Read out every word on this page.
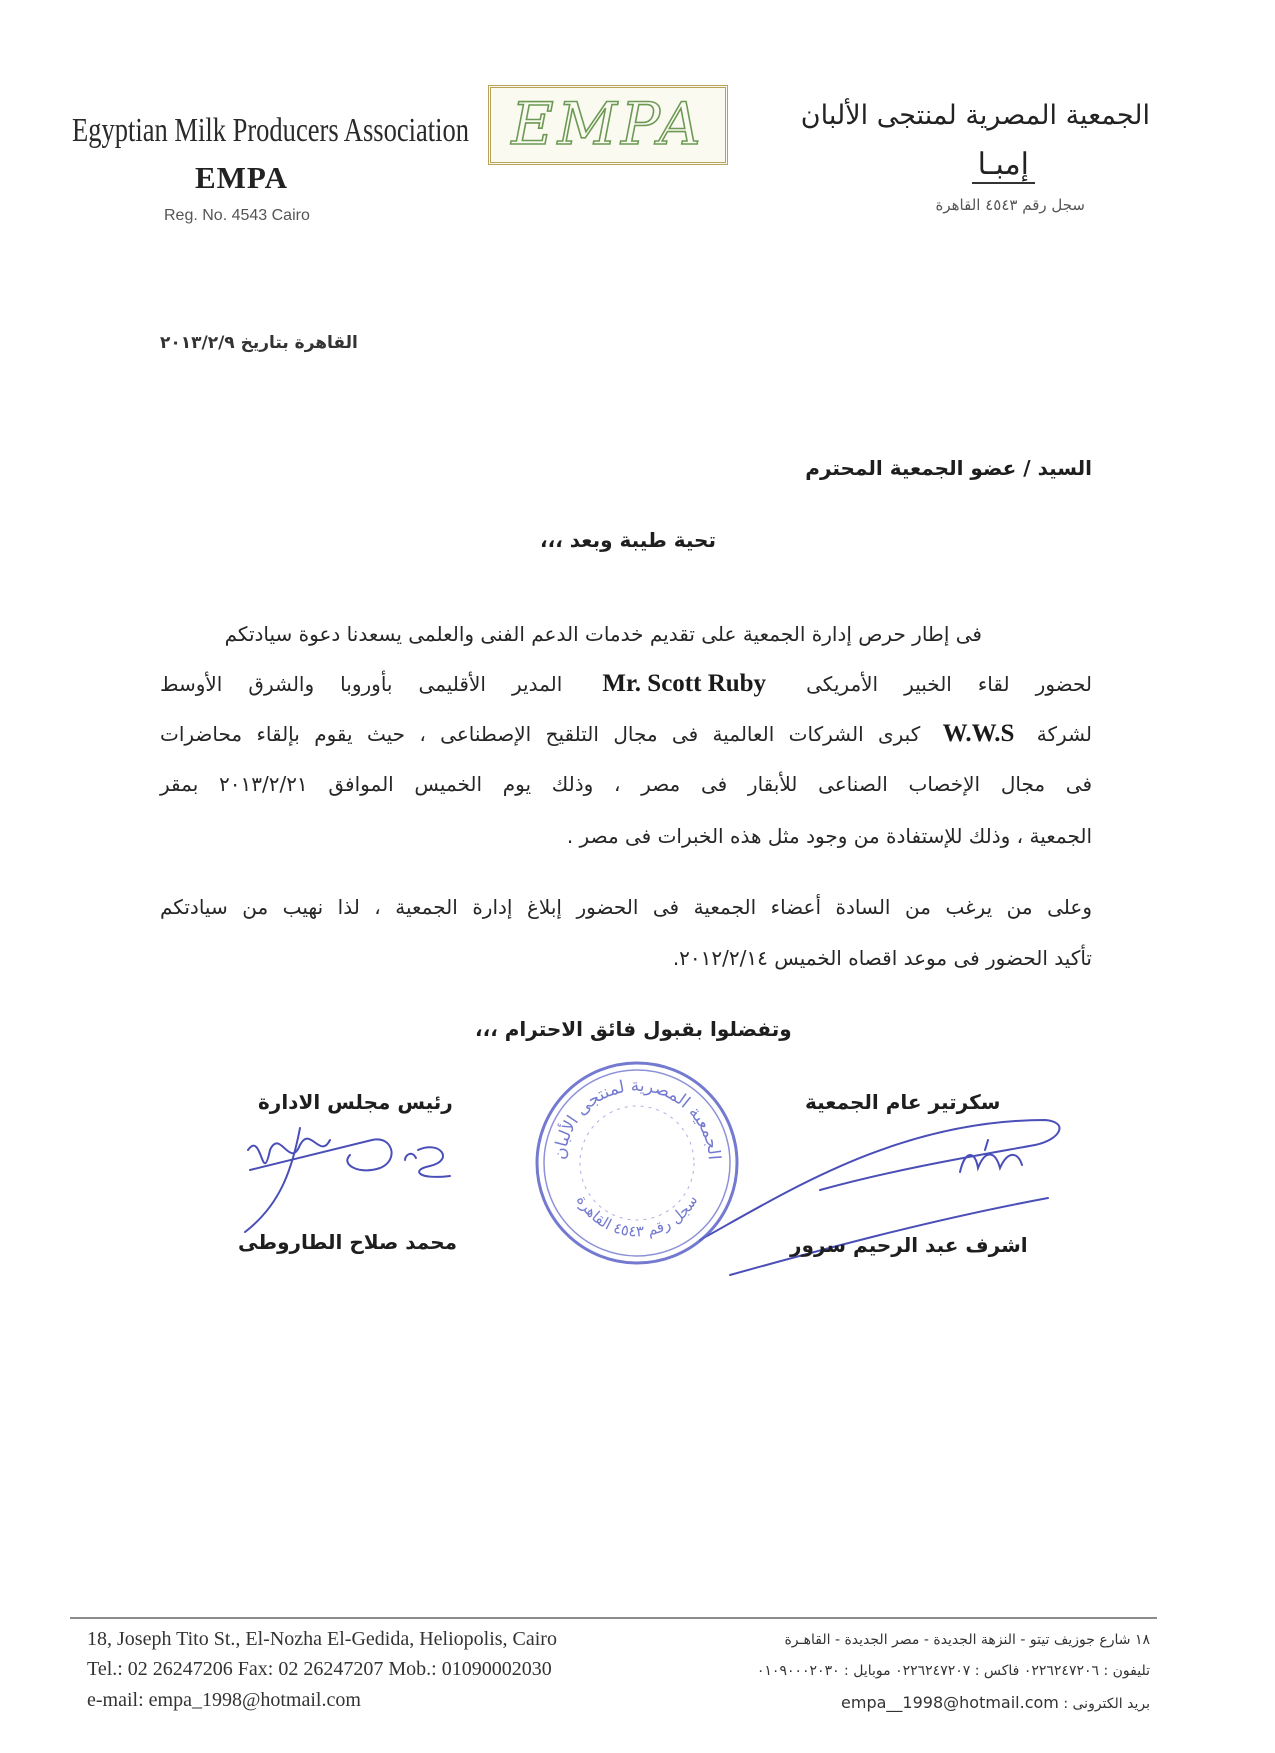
Egyptian Milk Producers Association
EMPA
Reg. No. 4543 Cairo
EMPA	الجمعية المصرية لمنتجى الألبان
إمبـا
سجل رقم ٤٥٤٣ القاهرة
القاهرة بتاريخ ٢٠١٣/٢/٩
السيد / عضو الجمعية المحترم
تحية طيبة وبعد ،،،
فى إطار حرص إدارة الجمعية على تقديم خدمات الدعم الفنى والعلمى يسعدنا دعوة سيادتكم
لحضور لقاء الخبير الأمريكى Mr. Scott Ruby المدير الأقليمى بأوروبا والشرق الأوسط
لشركة W.W.S كبرى الشركات العالمية فى مجال التلقيح الإصطناعى ، حيث يقوم بإلقاء محاضرات
فى مجال الإخصاب الصناعى للأبقار فى مصر ، وذلك يوم الخميس الموافق ٢٠١٣/٢/٢١ بمقر
الجمعية ، وذلك للإستفادة من وجود مثل هذه الخبرات فى مصر .
وعلى من يرغب من السادة أعضاء الجمعية فى الحضور إبلاغ إدارة الجمعية ، لذا نهيب من سيادتكم
تأكيد الحضور فى موعد اقصاه الخميس ٢٠١٢/٢/١٤.
وتفضلوا بقبول فائق الاحترام ،،،
رئيس مجلس الادارة	سكرتير عام الجمعية
الجمعية المصرية لمنتجى الألبان
سجل رقم ٤٥٤٣ القاهرة
محمد صلاح الطاروطى	اشرف عبد الرحيم سرور
18, Joseph Tito St., El-Nozha El-Gedida, Heliopolis, Cairo
Tel.: 02 26247206 Fax: 02 26247207 Mob.: 01090002030
e-mail: empa_1998@hotmail.com
١٨ شارع جوزيف تيتو - النزهة الجديدة - مصر الجديدة - القاهـرة
تليفون : ٠٢٢٦٢٤٧٢٠٦ فاكس : ٠٢٢٦٢٤٧٢٠٧ موبايل : ٠١٠٩٠٠٠٢٠٣٠
بريد الكترونى : empa__1998@hotmail.com
